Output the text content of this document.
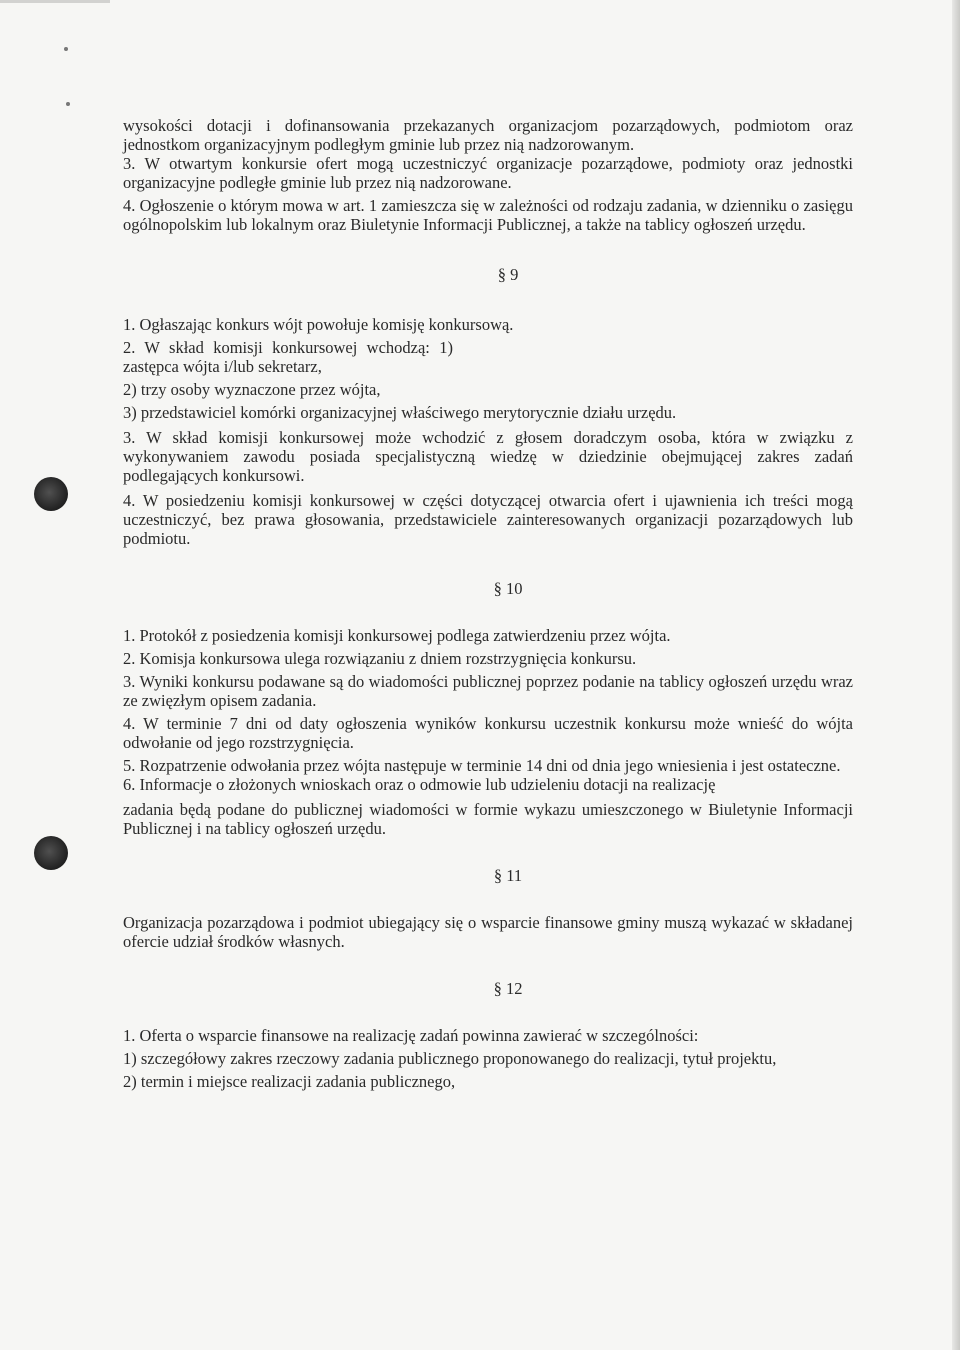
wysokości dotacji i dofinansowania przekazanych organizacjom pozarządowych, podmiotom oraz jednostkom organizacyjnym podległym gminie lub przez nią nadzorowanym.

3. W otwartym konkursie ofert mogą uczestniczyć organizacje pozarządowe, podmioty oraz jednostki organizacyjne podległe gminie lub przez nią nadzorowane.

4. Ogłoszenie o którym mowa w art. 1 zamieszcza się w zależności od rodzaju zadania, w dzienniku o zasięgu ogólnopolskim lub lokalnym oraz Biuletynie Informacji Publicznej, a także na tablicy ogłoszeń urzędu.

§ 9

1. Ogłaszając konkurs wójt powołuje komisję konkursową.

2. W skład komisji konkursowej wchodzą: 1) zastępca wójta i/lub sekretarz,

2) trzy osoby wyznaczone przez wójta,

3) przedstawiciel komórki organizacyjnej właściwego merytorycznie działu urzędu.

3. W skład komisji konkursowej może wchodzić z głosem doradczym osoba, która w związku z wykonywaniem zawodu posiada specjalistyczną wiedzę w dziedzinie obejmującej zakres zadań podlegających konkursowi.

4. W posiedzeniu komisji konkursowej w części dotyczącej otwarcia ofert i ujawnienia ich treści mogą uczestniczyć, bez prawa głosowania, przedstawiciele zainteresowanych organizacji pozarządowych lub podmiotu.

§ 10

1. Protokół z posiedzenia komisji konkursowej podlega zatwierdzeniu przez wójta.

2. Komisja konkursowa ulega rozwiązaniu z dniem rozstrzygnięcia konkursu.

3. Wyniki konkursu podawane są do wiadomości publicznej poprzez podanie na tablicy ogłoszeń urzędu wraz ze zwięzłym opisem zadania.

4. W terminie 7 dni od daty ogłoszenia wyników konkursu uczestnik konkursu może wnieść do wójta odwołanie od jego rozstrzygnięcia.

5. Rozpatrzenie odwołania przez wójta następuje w terminie 14 dni od dnia jego wniesienia i jest ostateczne.

6. Informacje o złożonych wnioskach oraz o odmowie lub udzieleniu dotacji na realizację

zadania będą podane do publicznej wiadomości w formie wykazu umieszczonego w Biuletynie Informacji Publicznej i na tablicy ogłoszeń urzędu.

§ 11

Organizacja pozarządowa i podmiot ubiegający się o wsparcie finansowe gminy muszą wykazać w składanej ofercie udział środków własnych.

§ 12

1. Oferta o wsparcie finansowe na realizację zadań powinna zawierać w szczególności:

1) szczegółowy zakres rzeczowy zadania publicznego proponowanego do realizacji, tytuł projektu,

2) termin i miejsce realizacji zadania publicznego,
